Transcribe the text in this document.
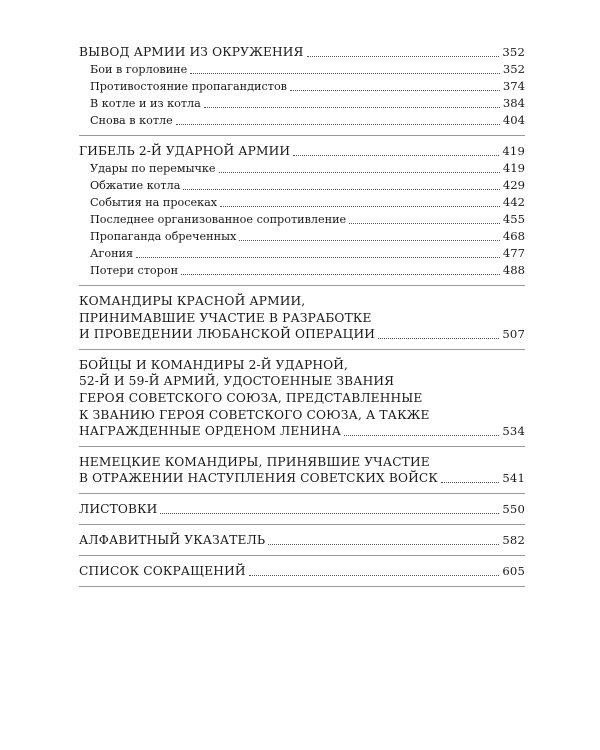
ВЫВОД АРМИИ ИЗ ОКРУЖЕНИЯ	352
Бои в горловине	352
Противостояние пропагандистов	374
В котле и из котла	384
Снова в котле	404
ГИБЕЛЬ 2-Й УДАРНОЙ АРМИИ	419
Удары по перемычке	419
Обжатие котла	429
События на просеках	442
Последнее организованное сопротивление	455
Пропаганда обреченных	468
Агония	477
Потери сторон	488
КОМАНДИРЫ КРАСНОЙ АРМИИ,
ПРИНИМАВШИЕ УЧАСТИЕ В РАЗРАБОТКЕ
И ПРОВЕДЕНИИ ЛЮБАНСКОЙ ОПЕРАЦИИ	507
БОЙЦЫ И КОМАНДИРЫ 2-Й УДАРНОЙ,
52-Й И 59-Й АРМИЙ, УДОСТОЕННЫЕ ЗВАНИЯ
ГЕРОЯ СОВЕТСКОГО СОЮЗА, ПРЕДСТАВЛЕННЫЕ
К ЗВАНИЮ ГЕРОЯ СОВЕТСКОГО СОЮЗА, А ТАКЖЕ
НАГРАЖДЕННЫЕ ОРДЕНОМ ЛЕНИНА	534
НЕМЕЦКИЕ КОМАНДИРЫ, ПРИНЯВШИЕ УЧАСТИЕ
В ОТРАЖЕНИИ НАСТУПЛЕНИЯ СОВЕТСКИХ ВОЙСК	541
ЛИСТОВКИ	550
АЛФАВИТНЫЙ УКАЗАТЕЛЬ	582
СПИСОК СОКРАЩЕНИЙ	605
